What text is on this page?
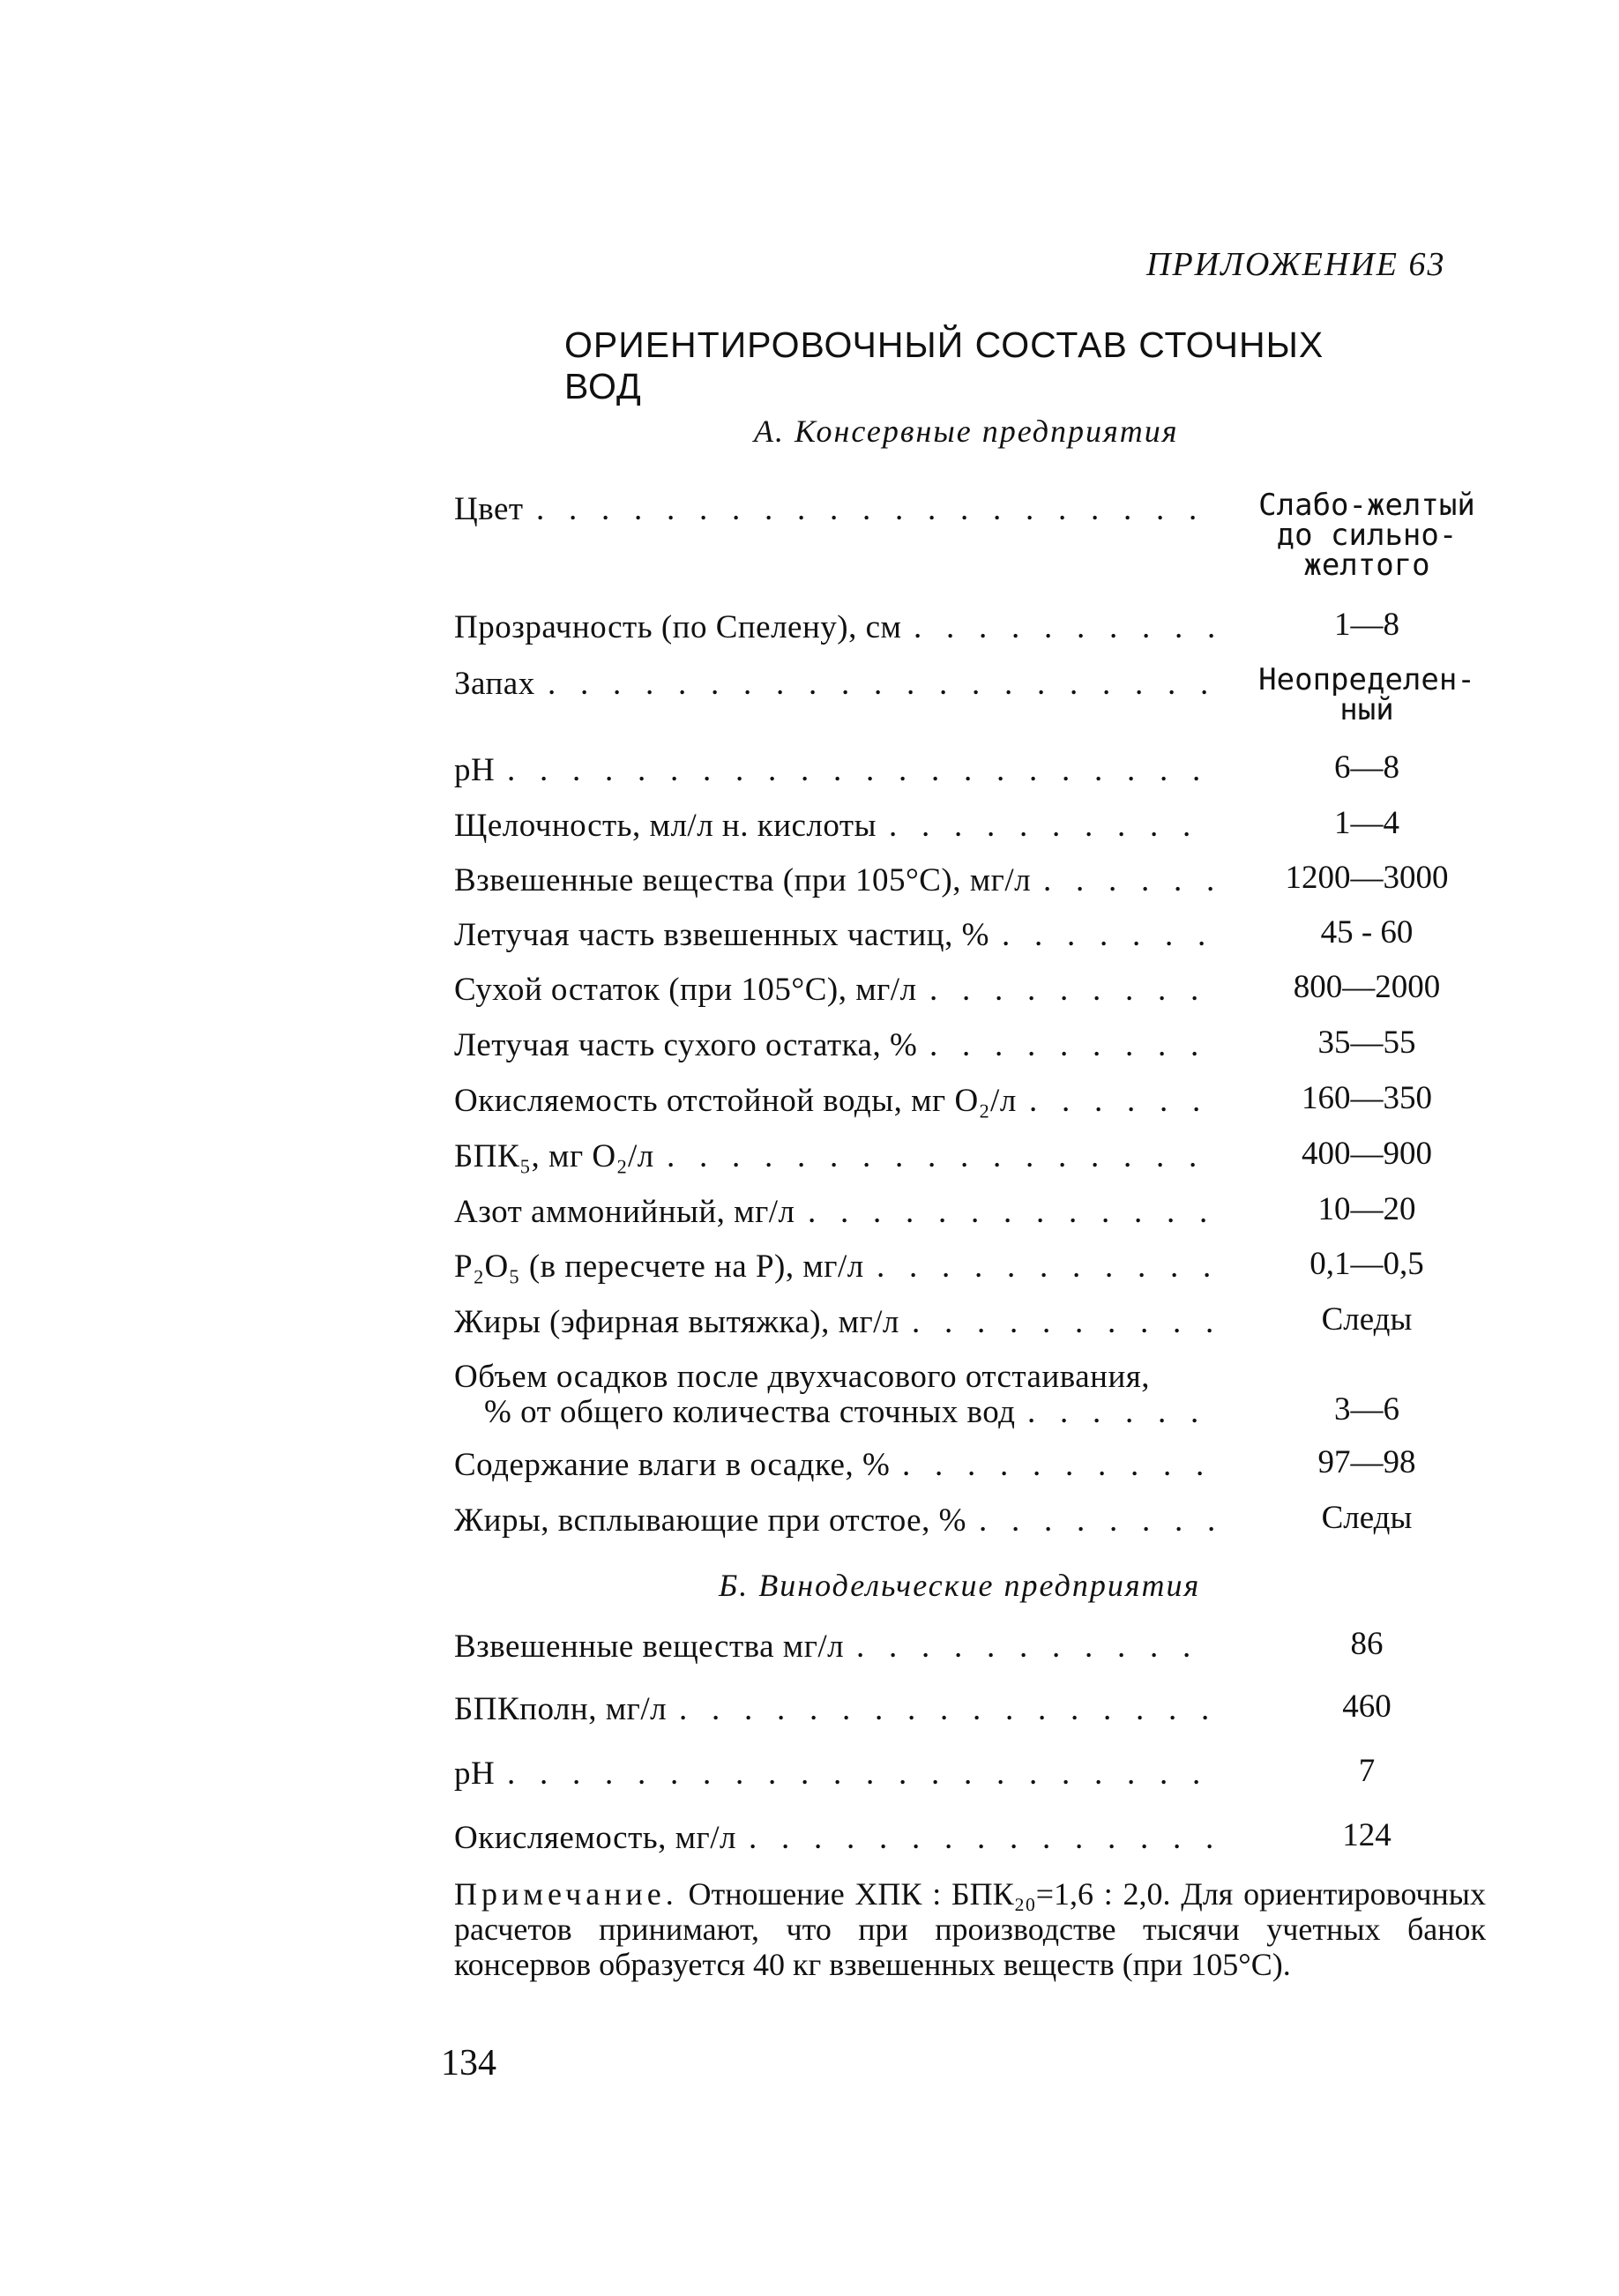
ПРИЛОЖЕНИЕ 63
ОРИЕНТИРОВОЧНЫЙ СОСТАВ СТОЧНЫХ ВОД
А. Консервные предприятия
Цвет . . . . . . . . . . . . . . . . . . . . .	Слабо-желтый
до сильно-
желтого
Прозрачность (по Спелену), см . . . . . . . . . .	1—8
Запах . . . . . . . . . . . . . . . . . . . . .	Неопределен-
ный
pH . . . . . . . . . . . . . . . . . . . . . .	6—8
Щелочность, мл/л н. кислоты . . . . . . . . . .	1—4
Взвешенные вещества (при 105°С), мг/л . . . . . .	1200—3000
Летучая часть взвешенных частиц, % . . . . . . .	45 - 60
Сухой остаток (при 105°С), мг/л . . . . . . . . .	800—2000
Летучая часть сухого остатка, % . . . . . . . . .	35—55
Окисляемость отстойной воды, мг O₂/л . . . . . .	160—350
БПК₅, мг O₂/л . . . . . . . . . . . . . . . . .	400—900
Азот аммонийный, мг/л . . . . . . . . . . . . .	10—20
P₂O₅ (в пересчете на P), мг/л . . . . . . . . . . .	0,1—0,5
Жиры (эфирная вытяжка), мг/л . . . . . . . . . .	Следы
Объем осадков после двухчасового отстаивания,
% от общего количества сточных вод . . . . . .	3—6
Содержание влаги в осадке, % . . . . . . . . . .	97—98
Жиры, всплывающие при отстое, % . . . . . . . .	Следы
Б. Винодельческие предприятия
Взвешенные вещества мг/л . . . . . . . . . . .	86
БПКполн, мг/л . . . . . . . . . . . . . . . . .	460
pH . . . . . . . . . . . . . . . . . . . . . .	7
Окисляемость, мг/л . . . . . . . . . . . . . . .	124
Примечание. Отношение ХПК : БПК₂₀=1,6 : 2,0. Для ориентировочных расчетов принимают, что при производстве тысячи учетных банок консервов образуется 40 кг взвешенных веществ (при 105°С).
134
